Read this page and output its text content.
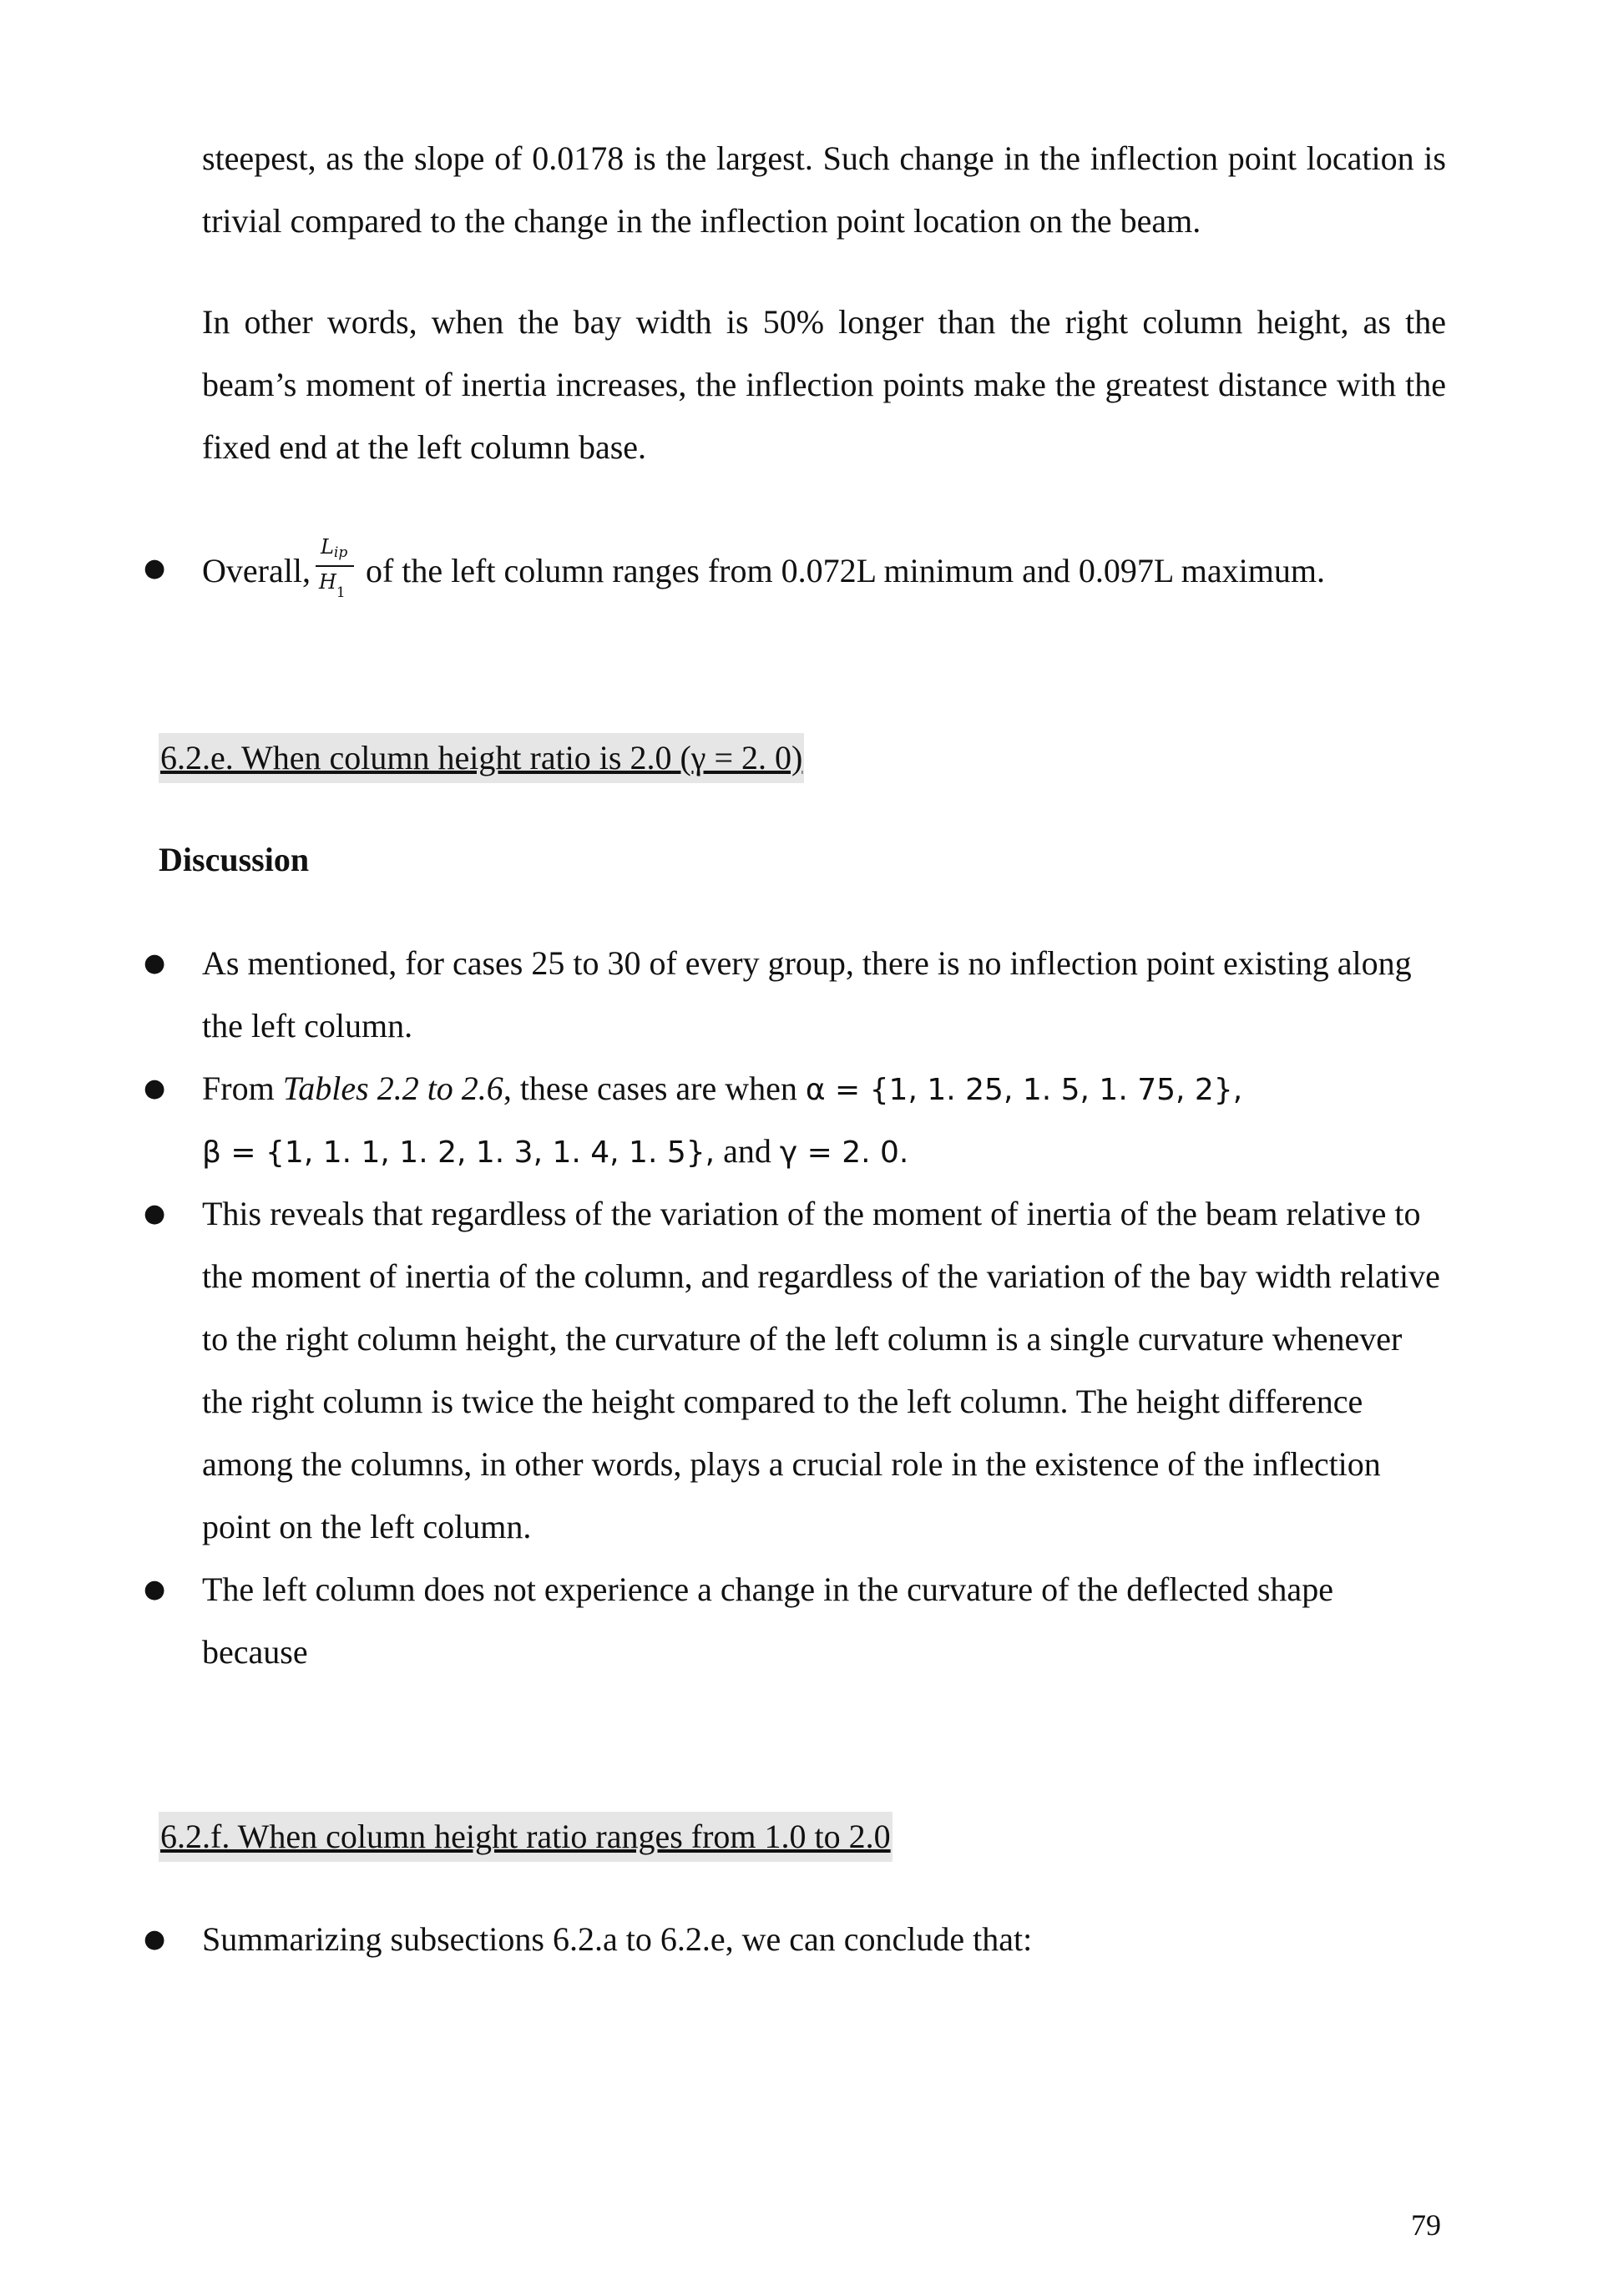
steepest, as the slope of 0.0178 is the largest. Such change in the inflection point location is trivial compared to the change in the inflection point location on the beam.

In other words, when the bay width is 50% longer than the right column height, as the beam’s moment of inertia increases, the inflection points make the greatest distance with the fixed end at the left column base.

● Overall, $\frac{L_{ip}}{H_1}$ of the left column ranges from 0.072L minimum and 0.097L maximum.
6.2.e. When column height ratio is 2.0 (γ = 2. 0)
Discussion
● As mentioned, for cases 25 to 30 of every group, there is no inflection point existing along the left column.

● From Tables 2.2 to 2.6, these cases are when α = {1, 1. 25, 1. 5, 1. 75, 2},
β = {1, 1. 1, 1. 2, 1. 3, 1. 4, 1. 5}, and γ = 2. 0.
● This reveals that regardless of the variation of the moment of inertia of the beam relative to the moment of inertia of the column, and regardless of the variation of the bay width relative to the right column height, the curvature of the left column is a single curvature whenever the right column is twice the height compared to the left column. The height difference among the columns, in other words, plays a crucial role in the existence of the inflection point on the left column.

● The left column does not experience a change in the curvature of the deflected shape because

6.2.f. When column height ratio ranges from 1.0 to 2.0
● Summarizing subsections 6.2.a to 6.2.e, we can conclude that:
79
